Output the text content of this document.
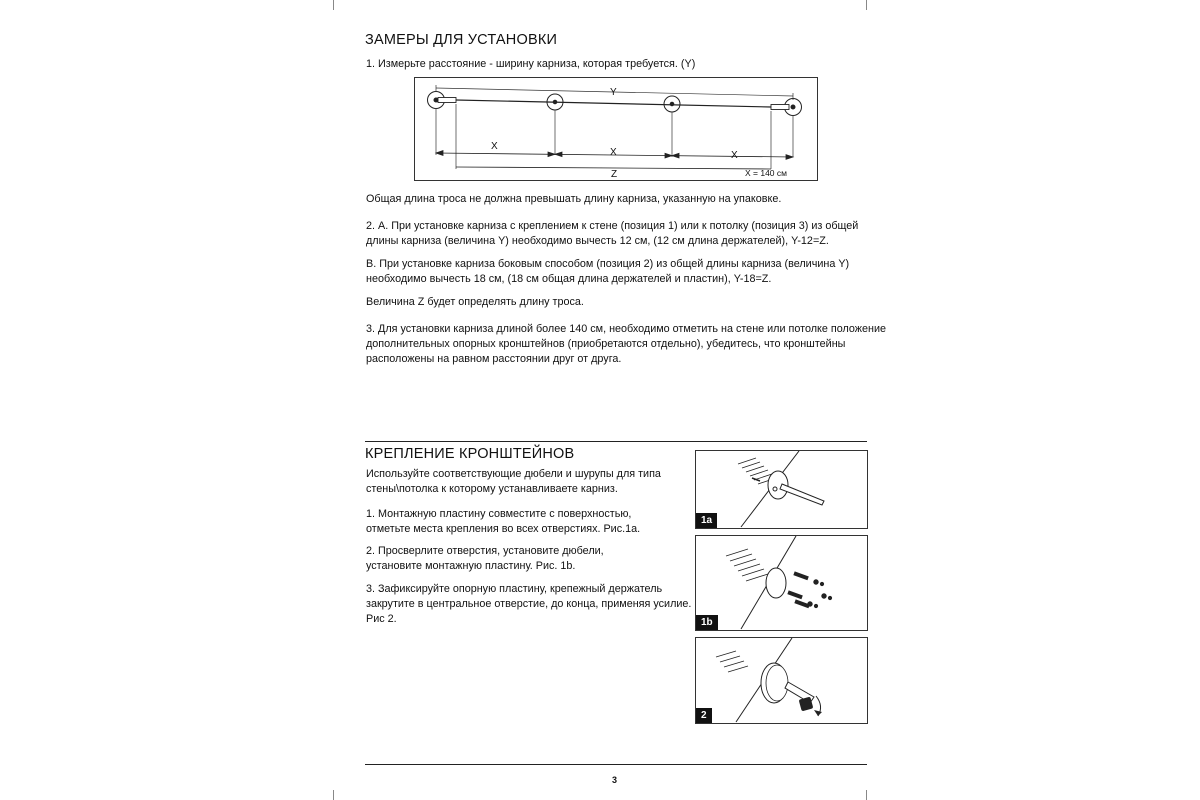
ЗАМЕРЫ ДЛЯ УСТАНОВКИ
1. Измерьте расстояние - ширину карниза, которая требуется. (Y)
Y
X
X	X
Z	X = 140 см
Общая длина троса не должна превышать длину карниза, указанную на упаковке.
2. А. При установке карниза с креплением к стене (позиция 1) или к потолку (позиция 3) из общей
длины карниза (величина Y) необходимо вычесть 12 см, (12 см длина держателей), Y-12=Z.
B. При установке карниза боковым способом (позиция 2) из общей длины карниза (величина Y)
необходимо вычесть 18 см, (18 см общая длина держателей и пластин), Y-18=Z.
Величина Z будет определять длину троса.
3. Для установки карниза длиной более 140 см, необходимо отметить на стене или потолке положение
дополнительных опорных кронштейнов (приобретаются отдельно), убедитесь, что кронштейны
расположены на равном расстоянии друг от друга.
КРЕПЛЕНИЕ КРОНШТЕЙНОВ
Используйте соответствующие дюбели и шурупы для типа
стены\потолка к которому устанавливаете карниз.
1. Монтажную пластину совместите с поверхностью,
отметьте места крепления во всех отверстиях. Рис.1а.
2. Просверлите отверстия, установите дюбели,
установите монтажную пластину. Рис. 1b.
3. Зафиксируйте опорную пластину, крепежный держатель
закрутите в центральное отверстие, до конца, применяя усилие.
Рис 2.
1a
1b
2
3
